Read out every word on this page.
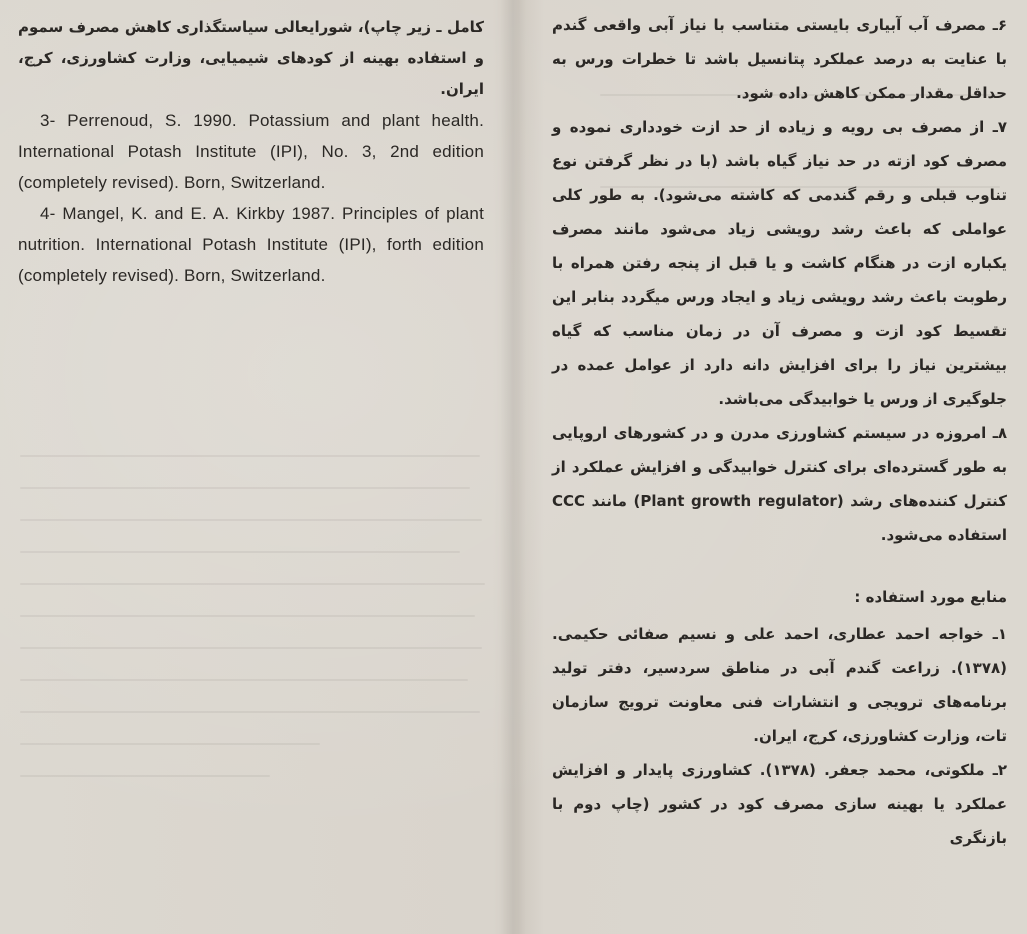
کامل ـ زیر چاپ)، شورایعالی سیاستگذاری کاهش مصرف سموم و استفاده بهینه از کودهای شیمیایی، وزارت کشاورزی، کرج، ایران.

3- Perrenoud, S. 1990. Potassium and plant health. International Potash Institute (IPI), No. 3, 2nd edition (completely revised). Born, Switzerland.

4- Mangel, K. and E. A. Kirkby 1987. Principles of plant nutrition. International Potash Institute (IPI), forth edition (completely revised). Born, Switzerland.

۶ـ مصرف آب آبیاری بایستی متناسب با نیاز آبی واقعی گندم با عنایت به درصد عملکرد پتانسیل باشد تا خطرات ورس به حداقل مقدار ممکن کاهش داده شود.

۷ـ از مصرف بی رویه و زیاده از حد ازت خودداری نموده و مصرف کود ازته در حد نیاز گیاه باشد (با در نظر گرفتن نوع تناوب قبلی و رقم گندمی که کاشته می‌شود). به طور کلی عواملی که باعث رشد رویشی زیاد می‌شود مانند مصرف یکباره ازت در هنگام کاشت و یا قبل از پنجه رفتن همراه با رطوبت باعث رشد رویشی زیاد و ایجاد ورس میگردد بنابر این تقسیط کود ازت و مصرف آن در زمان مناسب که گیاه بیشترین نیاز را برای افزایش دانه دارد از عوامل عمده در جلوگیری از ورس یا خوابیدگی می‌باشد.

۸ـ امروزه در سیستم کشاورزی مدرن و در کشورهای اروپایی به طور گسترده‌ای برای کنترل خوابیدگی و افزایش عملکرد از کنترل کننده‌های رشد (Plant growth regulator) مانند CCC استفاده می‌شود.

منابع مورد استفاده :

۱ـ خواجه احمد عطاری، احمد علی و نسیم صفائی حکیمی. (۱۳۷۸). زراعت گندم آبی در مناطق سردسیر، دفتر تولید برنامه‌های ترویجی و انتشارات فنی معاونت ترویج سازمان تات، وزارت کشاورزی، کرج، ایران.

۲ـ ملکوتی، محمد جعفر. (۱۳۷۸). کشاورزی پایدار و افزایش عملکرد یا بهینه سازی مصرف کود در کشور (چاپ دوم با بازنگری
